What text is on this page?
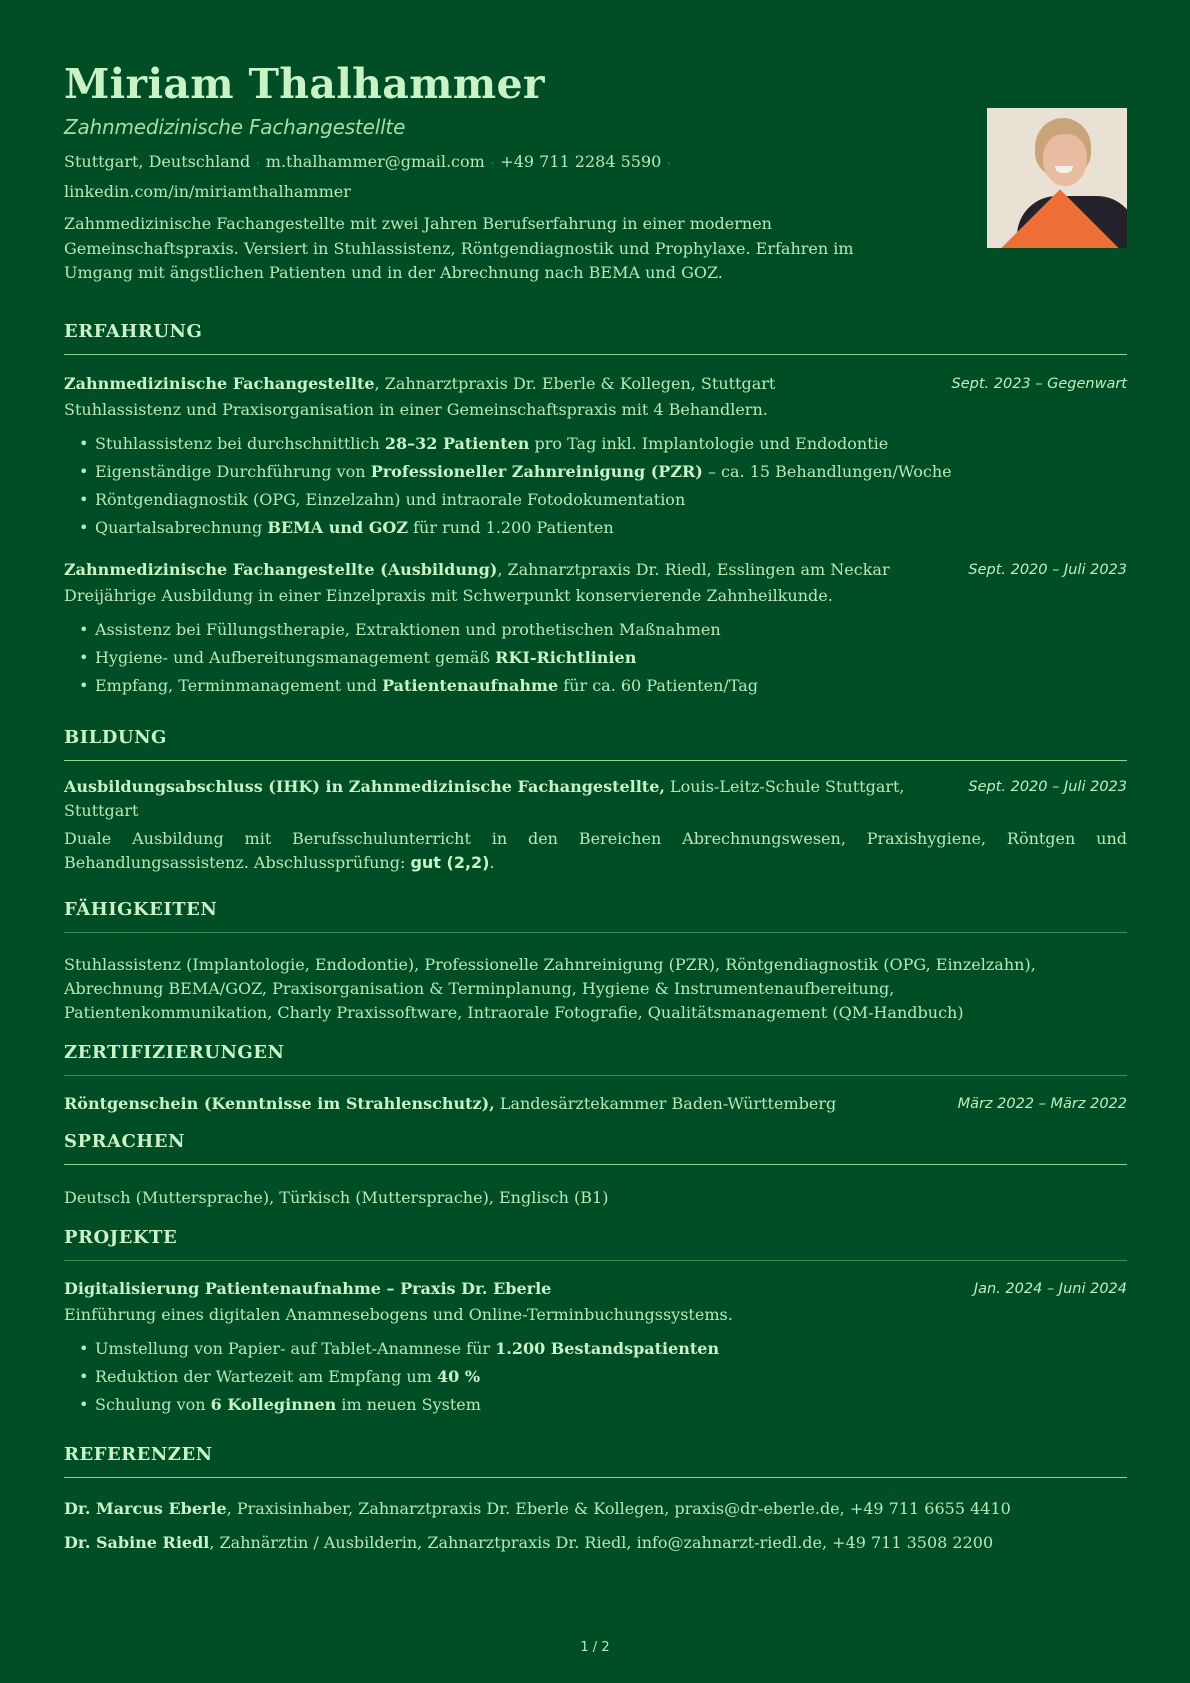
Miriam Thalhammer
Zahnmedizinische Fachangestellte
Stuttgart, Deutschland · m.thalhammer@gmail.com · +49 711 2284 5590 ·
linkedin.com/in/miriamthalhammer
Zahnmedizinische Fachangestellte mit zwei Jahren Berufserfahrung in einer modernen Gemeinschaftspraxis. Versiert in Stuhlassistenz, Röntgendiagnostik und Prophylaxe. Erfahren im Umgang mit ängstlichen Patienten und in der Abrechnung nach BEMA und GOZ.
ERFAHRUNG
Zahnmedizinische Fachangestellte, Zahnarztpraxis Dr. Eberle & Kollegen, Stuttgart	Sept. 2023 – Gegenwart
Stuhlassistenz und Praxisorganisation in einer Gemeinschaftspraxis mit 4 Behandlern.
• Stuhlassistenz bei durchschnittlich 28–32 Patienten pro Tag inkl. Implantologie und Endodontie
• Eigenständige Durchführung von Professioneller Zahnreinigung (PZR) – ca. 15 Behandlungen/Woche
• Röntgendiagnostik (OPG, Einzelzahn) und intraorale Fotodokumentation
• Quartalsabrechnung BEMA und GOZ für rund 1.200 Patienten
Zahnmedizinische Fachangestellte (Ausbildung), Zahnarztpraxis Dr. Riedl, Esslingen am Neckar	Sept. 2020 – Juli 2023
Dreijährige Ausbildung in einer Einzelpraxis mit Schwerpunkt konservierende Zahnheilkunde.
• Assistenz bei Füllungstherapie, Extraktionen und prothetischen Maßnahmen
• Hygiene- und Aufbereitungsmanagement gemäß RKI-Richtlinien
• Empfang, Terminmanagement und Patientenaufnahme für ca. 60 Patienten/Tag
BILDUNG
Ausbildungsabschluss (IHK) in Zahnmedizinische Fachangestellte, Louis-Leitz-Schule Stuttgart, Stuttgart
Sept. 2020 – Juli 2023
Duale Ausbildung mit Berufsschulunterricht in den Bereichen Abrechnungswesen, Praxishygiene, Röntgen und Behandlungsassistenz. Abschlussprüfung: gut (2,2).
FÄHIGKEITEN
Stuhlassistenz (Implantologie, Endodontie), Professionelle Zahnreinigung (PZR), Röntgendiagnostik (OPG, Einzelzahn), Abrechnung BEMA/GOZ, Praxisorganisation & Terminplanung, Hygiene & Instrumentenaufbereitung, Patientenkommunikation, Charly Praxissoftware, Intraorale Fotografie, Qualitätsmanagement (QM-Handbuch)
ZERTIFIZIERUNGEN
Röntgenschein (Kenntnisse im Strahlenschutz), Landesärztekammer Baden-Württemberg	März 2022 – März 2022
SPRACHEN
Deutsch (Muttersprache), Türkisch (Muttersprache), Englisch (B1)
PROJEKTE
Digitalisierung Patientenaufnahme – Praxis Dr. Eberle	Jan. 2024 – Juni 2024
Einführung eines digitalen Anamnesebogens und Online-Terminbuchungssystems.
• Umstellung von Papier- auf Tablet-Anamnese für 1.200 Bestandspatienten
• Reduktion der Wartezeit am Empfang um 40 %
• Schulung von 6 Kolleginnen im neuen System
REFERENZEN
Dr. Marcus Eberle, Praxisinhaber, Zahnarztpraxis Dr. Eberle & Kollegen, praxis@dr-eberle.de, +49 711 6655 4410
Dr. Sabine Riedl, Zahnärztin / Ausbilderin, Zahnarztpraxis Dr. Riedl, info@zahnarzt-riedl.de, +49 711 3508 2200
1 / 2
